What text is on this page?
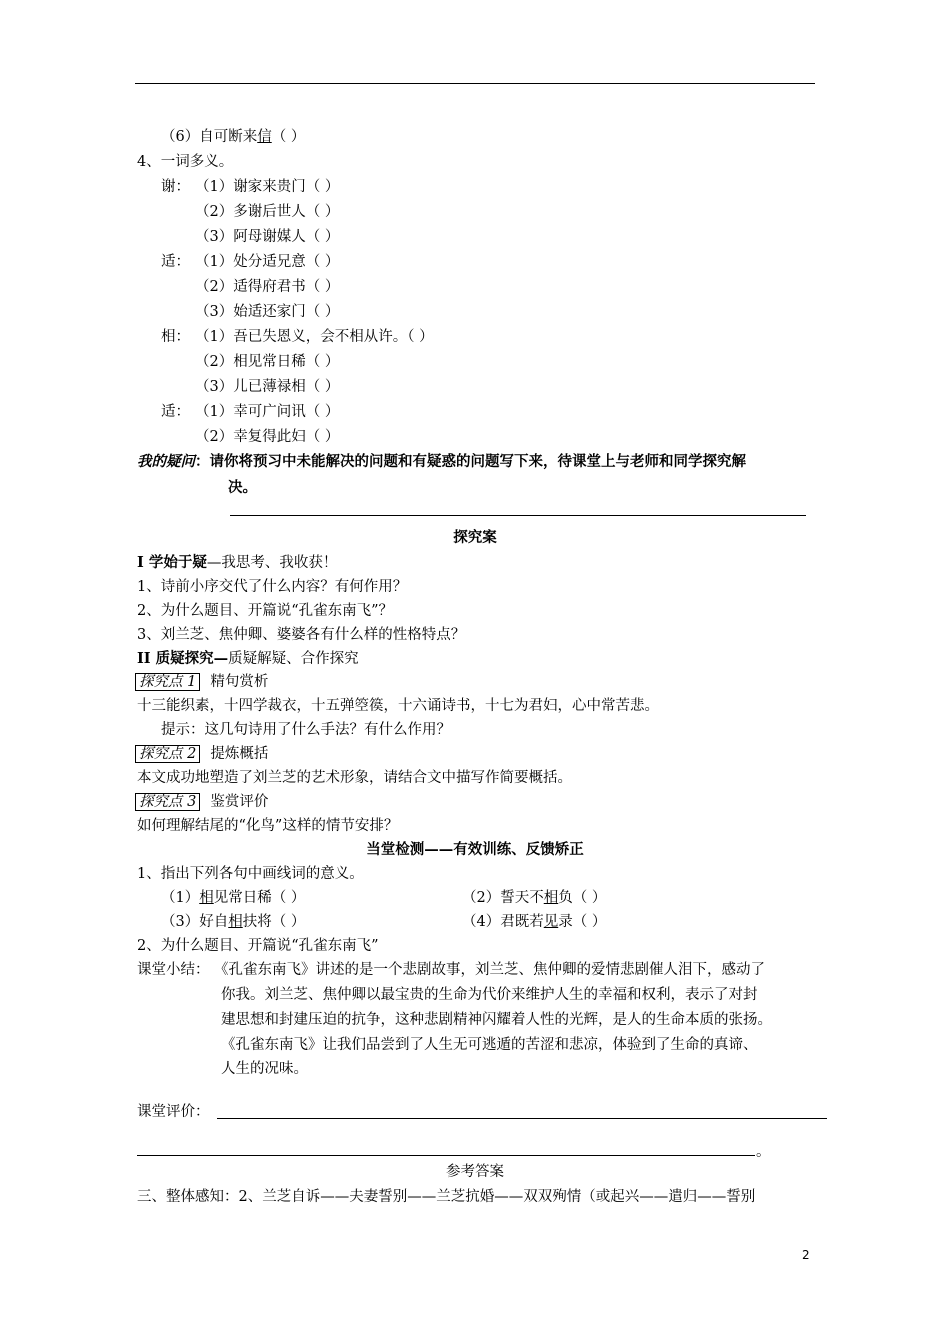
（6）自可断来信（ ）
4、一词多义。
谢： （1）谢家来贵门（ ）
（2）多谢后世人（ ）
（3）阿母谢媒人（ ）
适： （1）处分适兄意（ ）
（2）适得府君书（ ）
（3）始适还家门（ ）
相： （1）吾已失恩义，会不相从许。（ ）
（2）相见常日稀（ ）
（3）儿已薄禄相（ ）
适： （1）幸可广问讯（ ）
（2）幸复得此妇（ ）
我的疑问：请你将预习中未能解决的问题和有疑惑的问题写下来，待课堂上与老师和同学探究解
决。
探究案
I 学始于疑—我思考、我收获！
1、诗前小序交代了什么内容？有何作用？
2、为什么题目、开篇说“孔雀东南飞”？
3、刘兰芝、焦仲卿、婆婆各有什么样的性格特点？
II 质疑探究—质疑解疑、合作探究
探究点 1 精句赏析
十三能织素，十四学裁衣，十五弹箜篌，十六诵诗书，十七为君妇，心中常苦悲。
提示：这几句诗用了什么手法？有什么作用？
探究点 2 提炼概括
本文成功地塑造了刘兰芝的艺术形象，请结合文中描写作简要概括。
探究点 3 鉴赏评价
如何理解结尾的“化鸟”这样的情节安排？
当堂检测——有效训练、反馈矫正
1、指出下列各句中画线词的意义。
（1）相见常日稀（ ）	（2）誓天不相负（ ）
（3）好自相扶将（ ）	（4）君既若见录（ ）
2、为什么题目、开篇说“孔雀东南飞”
课堂小结： 《孔雀东南飞》讲述的是一个悲剧故事，刘兰芝、焦仲卿的爱情悲剧催人泪下，感动了
你我。刘兰芝、焦仲卿以最宝贵的生命为代价来维护人生的幸福和权利，表示了对封
建思想和封建压迫的抗争，这种悲剧精神闪耀着人性的光辉，是人的生命本质的张扬。
《孔雀东南飞》让我们品尝到了人生无可逃遁的苦涩和悲凉，体验到了生命的真谛、
人生的况味。
课堂评价：
。
参考答案
三、整体感知：2、兰芝自诉——夫妻誓别——兰芝抗婚——双双殉情（或起兴——遣归——誓别
2
